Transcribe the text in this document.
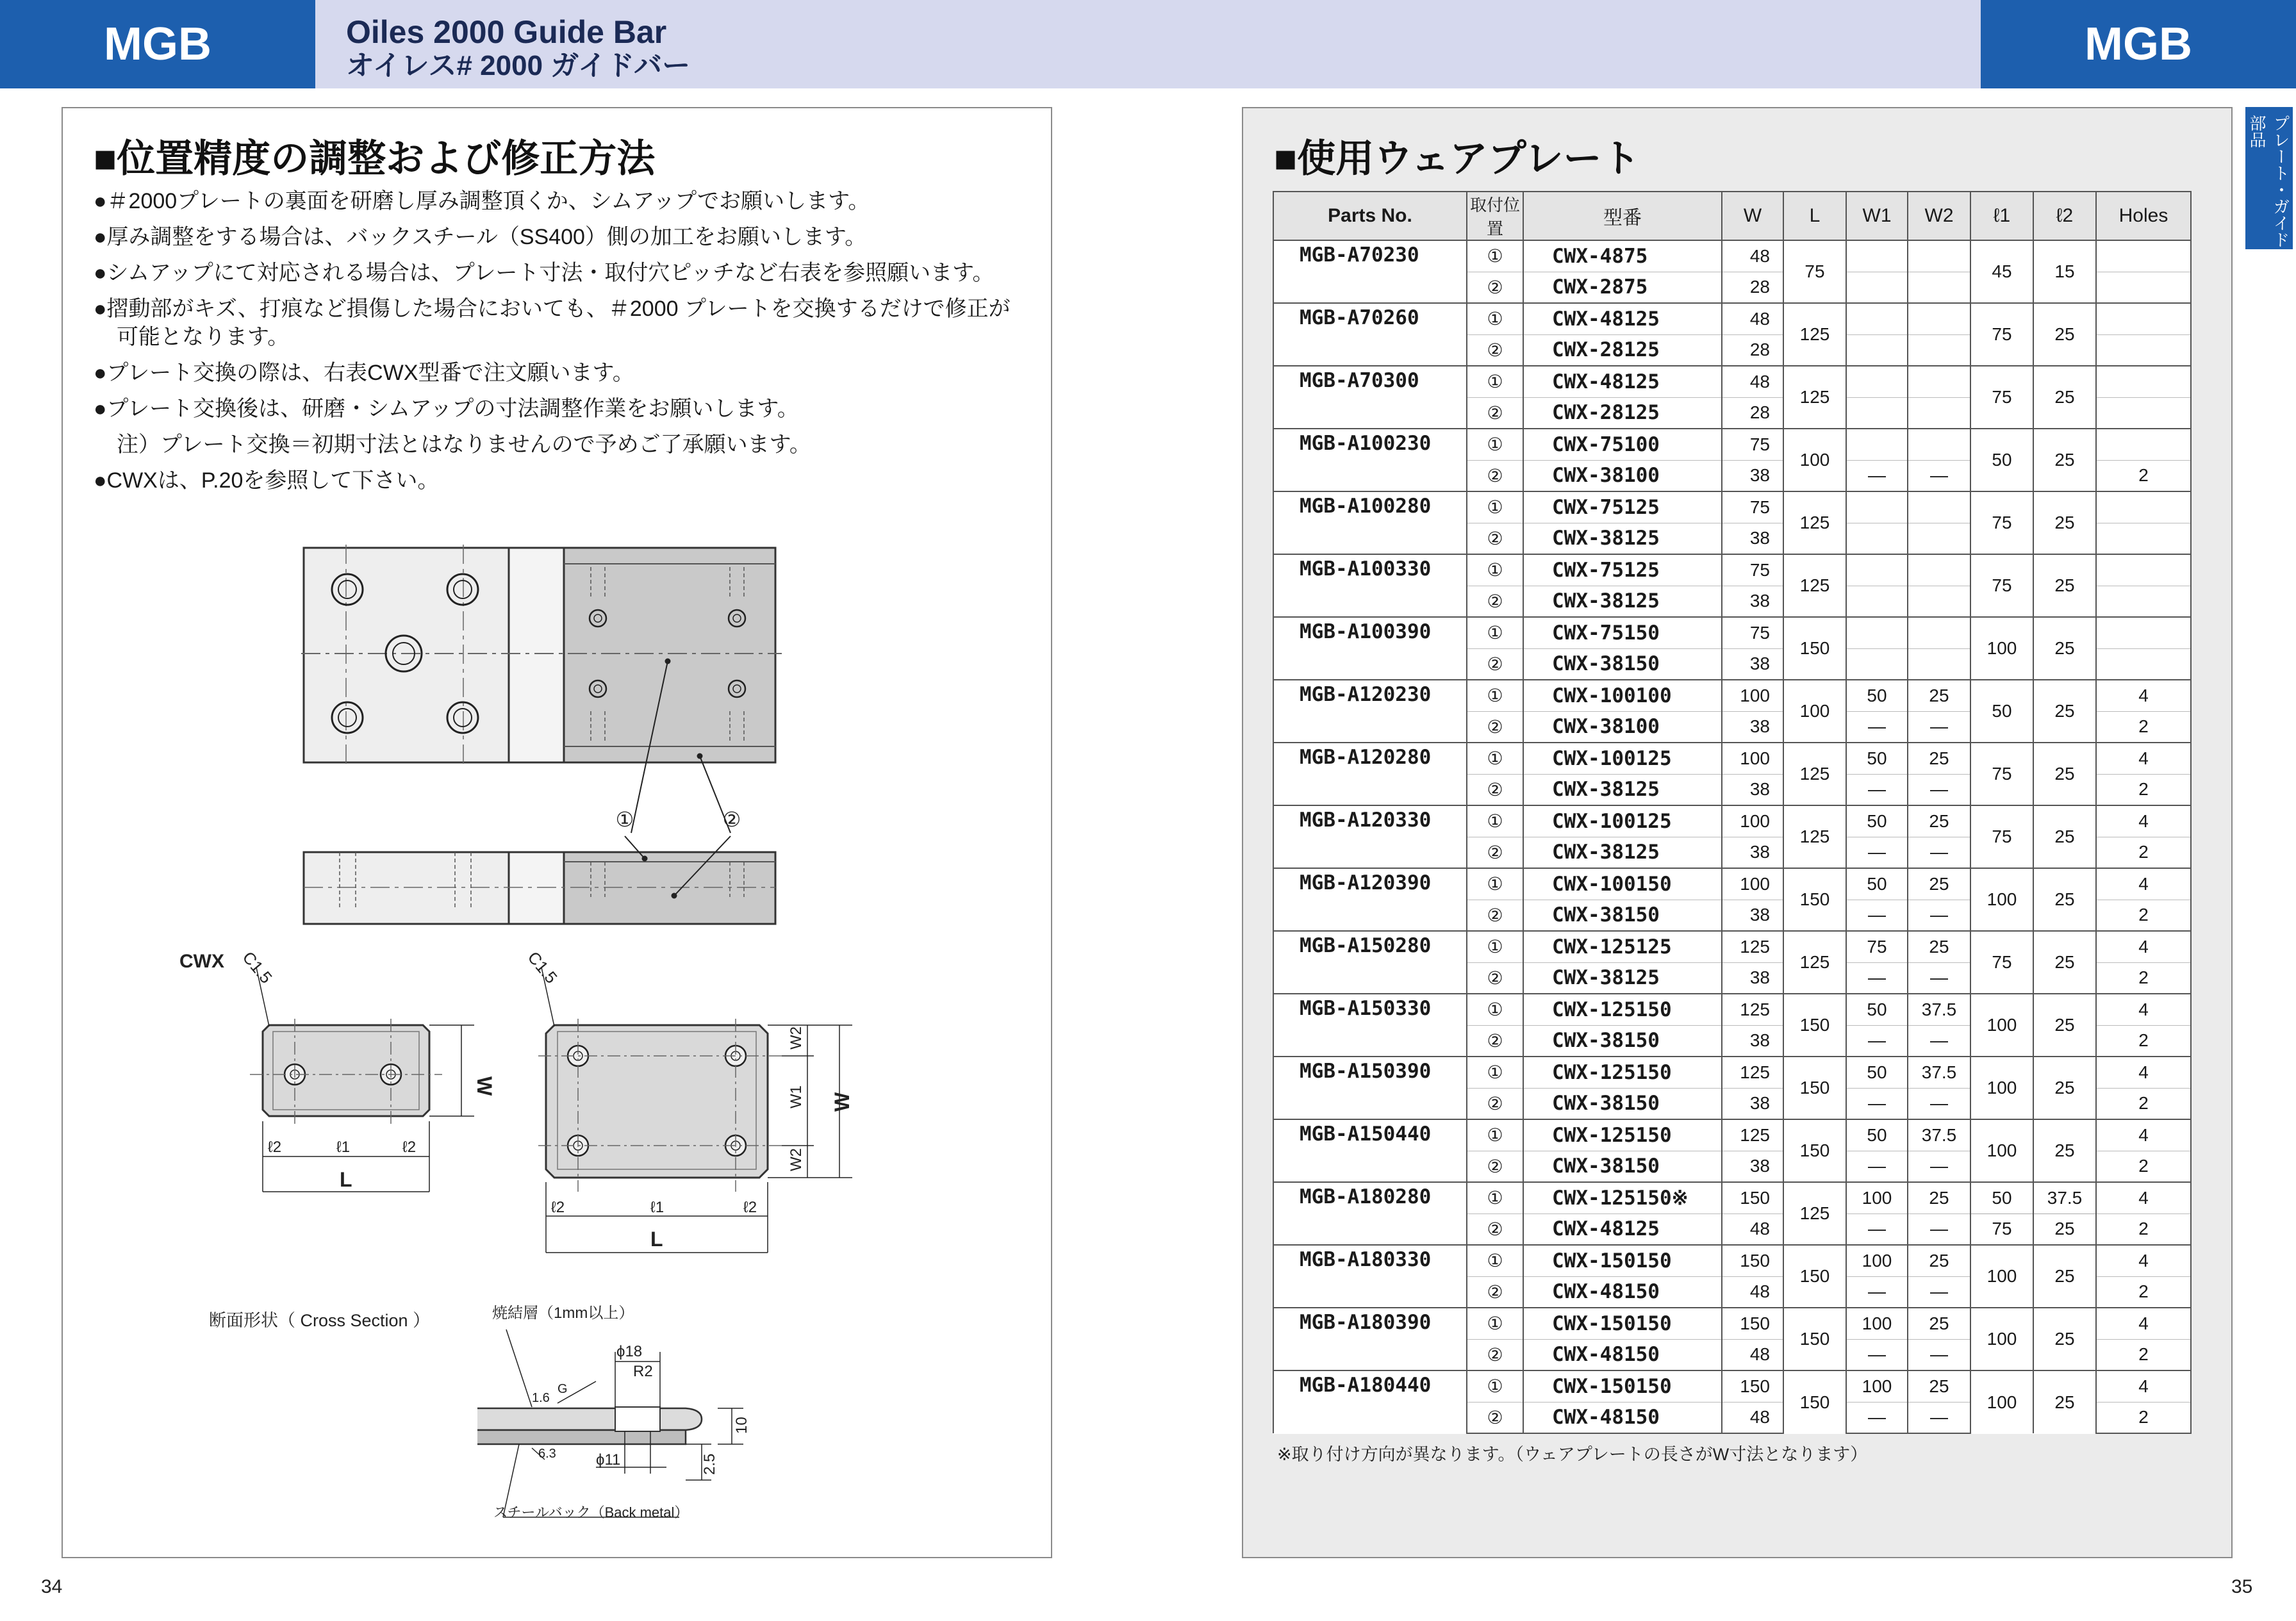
MGB	MGB
Oiles 2000 Guide Bar
オイレス# 2000 ガイドバー
■位置精度の調整および修正方法
●＃2000プレートの裏面を研磨し厚み調整頂くか、シムアップでお願いします。
●厚み調整をする場合は、バックスチール（SS400）側の加工をお願いします。
●シムアップにて対応される場合は、プレート寸法・取付穴ピッチなど右表を参照願います。
●摺動部がキズ、打痕など損傷した場合においても、＃2000 プレートを交換するだけで修正が
可能となります。
●プレート交換の際は、右表CWX型番で注文願います。
●プレート交換後は、研磨・シムアップの寸法調整作業をお願いします。
注）プレート交換＝初期寸法とはなりませんので予めご了承願います。
●CWXは、P.20を参照して下さい。
①	②
CWX C1.5
W
ℓ2	ℓ1	ℓ2
L
C1.5
W2
W1
W2
W
ℓ2	ℓ1	ℓ2
L
断面形状（ Cross Section ）	焼結層（1mm以上）
ϕ18
R2
G
1.6
6.3	ϕ11
10
2.5
スチールバック（Back metal）
プレート・ガイド部品
■使用ウェアプレート
Parts No.	取付位置	型番	W	L	W1	W2	ℓ1	ℓ2	Holes
MGB-A70230	①	CWX-4875	48	75			45	15	
	②	CWX-2875	28						
MGB-A70260	①	CWX-48125	48	125			75	25	
	②	CWX-28125	28						
MGB-A70300	①	CWX-48125	48	125			75	25	
	②	CWX-28125	28						
MGB-A100230	①	CWX-75100	75	100			50	25	
	②	CWX-38100	38		—	—			2
MGB-A100280	①	CWX-75125	75	125			75	25	
	②	CWX-38125	38						
MGB-A100330	①	CWX-75125	75	125			75	25	
	②	CWX-38125	38						
MGB-A100390	①	CWX-75150	75	150			100	25	
	②	CWX-38150	38						
MGB-A120230	①	CWX-100100	100	100	50	25	50	25	4
	②	CWX-38100	38		—	—			2
MGB-A120280	①	CWX-100125	100	125	50	25	75	25	4
	②	CWX-38125	38		—	—			2
MGB-A120330	①	CWX-100125	100	125	50	25	75	25	4
	②	CWX-38125	38		—	—			2
MGB-A120390	①	CWX-100150	100	150	50	25	100	25	4
	②	CWX-38150	38		—	—			2
MGB-A150280	①	CWX-125125	125	125	75	25	75	25	4
	②	CWX-38125	38		—	—			2
MGB-A150330	①	CWX-125150	125	150	50	37.5	100	25	4
	②	CWX-38150	38		—	—			2
MGB-A150390	①	CWX-125150	125	150	50	37.5	100	25	4
	②	CWX-38150	38		—	—			2
MGB-A150440	①	CWX-125150	125	150	50	37.5	100	25	4
	②	CWX-38150	38		—	—			2
MGB-A180280	①	CWX-125150※	150	125	100	25	50	37.5	4
	②	CWX-48125	48		—	—	75	25	2
MGB-A180330	①	CWX-150150	150	150	100	25	100	25	4
	②	CWX-48150	48		—	—			2
MGB-A180390	①	CWX-150150	150	150	100	25	100	25	4
	②	CWX-48150	48		—	—			2
MGB-A180440	①	CWX-150150	150	150	100	25	100	25	4
	②	CWX-48150	48		—	—			2
※取り付け方向が異なります。（ウェアプレートの長さがW寸法となります）
34	35
